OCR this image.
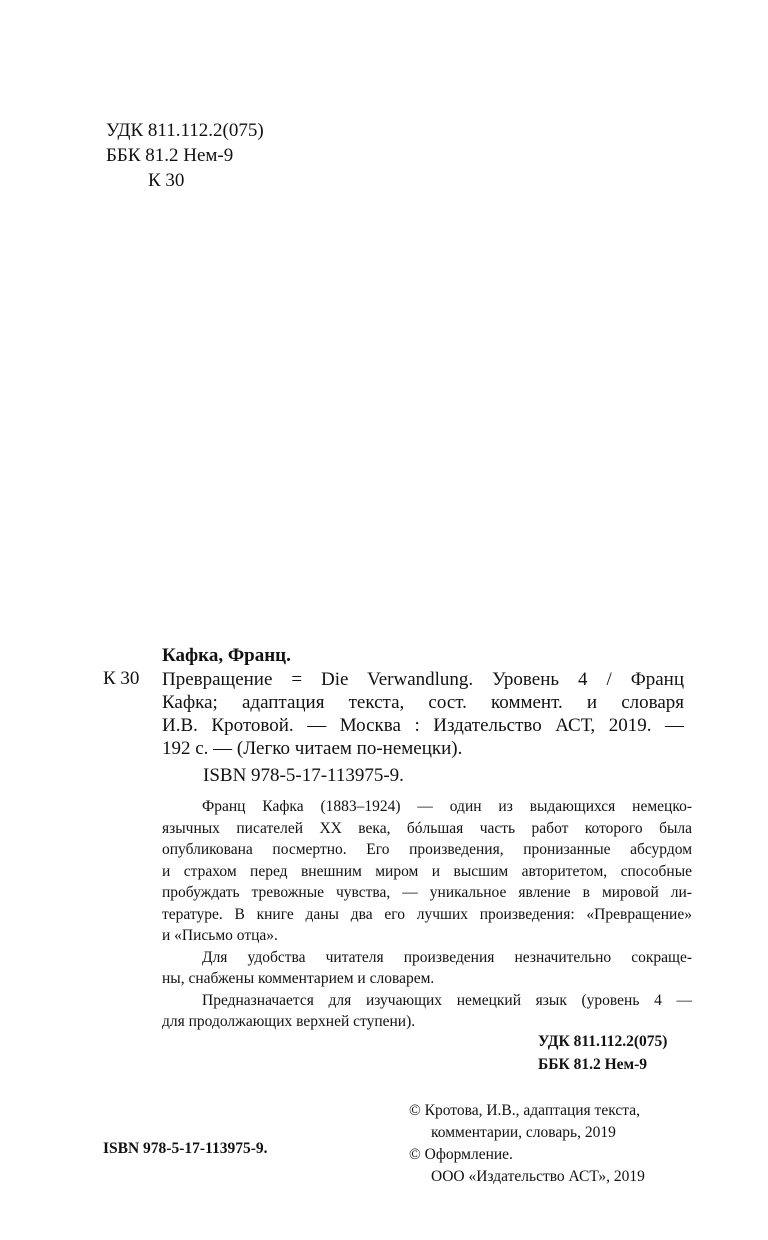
УДК 811.112.2(075)
ББК 81.2 Нем-9
К 30
Кафка, Франц.
К 30 Превращение = Die Verwandlung. Уровень 4 / Франц
Кафка; адаптация текста, сост. коммент. и словаря
И.В. Кротовой. — Москва : Издательство АСТ, 2019. —
192 с. — (Легко читаем по-немецки).
ISBN 978-5-17-113975-9.
Франц Кафка (1883–1924) — один из выдающихся немецко-
язычных писателей XX века, бóльшая часть работ которого была
опубликована посмертно. Его произведения, пронизанные абсурдом
и страхом перед внешним миром и высшим авторитетом, способные
пробуждать тревожные чувства, — уникальное явление в мировой ли-
тературе. В книге даны два его лучших произведения: «Превращение»
и «Письмо отца».
Для удобства читателя произведения незначительно сокраще-
ны, снабжены комментарием и словарем.
Предназначается для изучающих немецкий язык (уровень 4 —
для продолжающих верхней ступени).
УДК 811.112.2(075)
ББК 81.2 Нем-9
ISBN 978-5-17-113975-9.
© Кротова, И.В., адаптация текста,
комментарии, словарь, 2019
© Оформление.
ООО «Издательство АСТ», 2019
